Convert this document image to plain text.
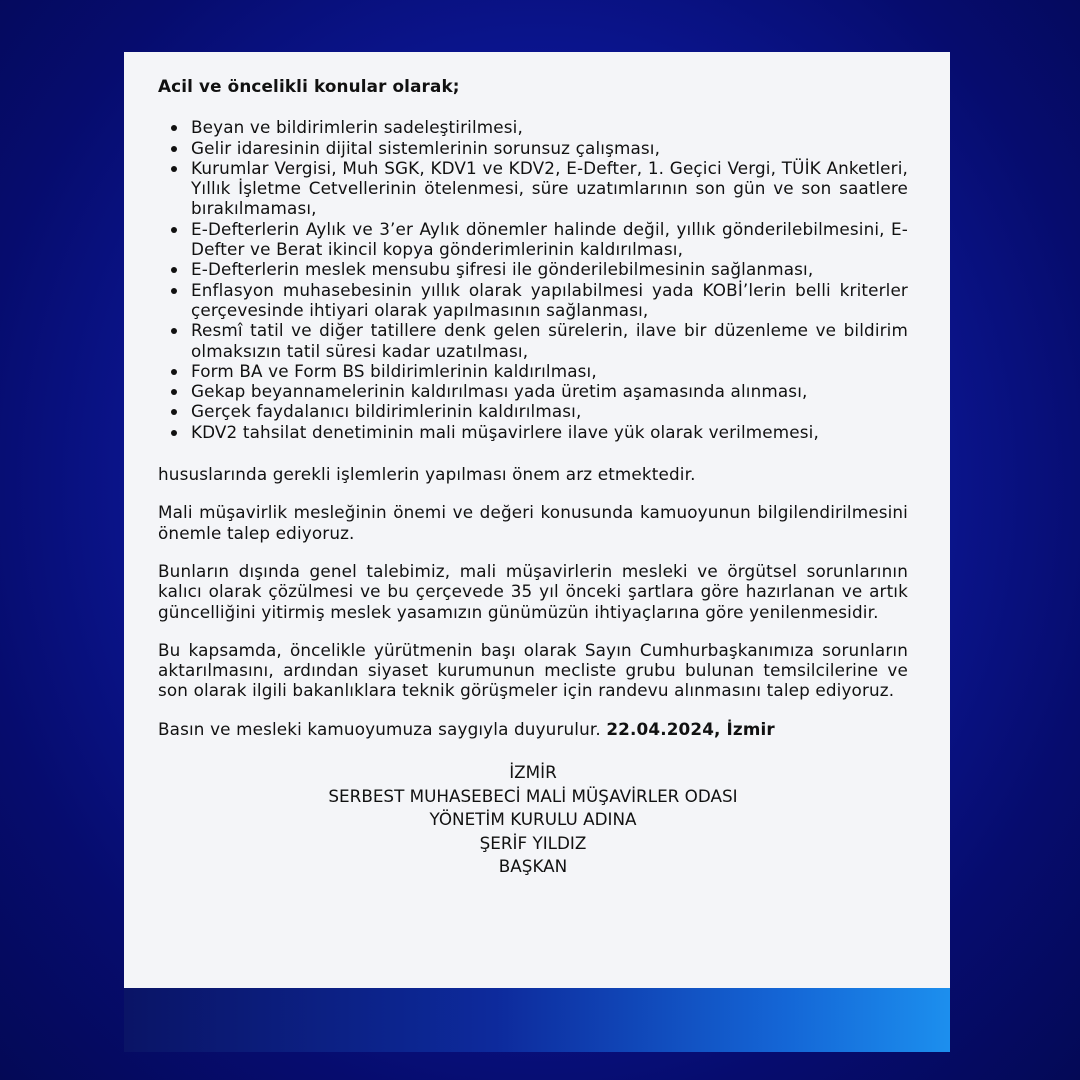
Acil ve öncelikli konular olarak;

Beyan ve bildirimlerin sadeleştirilmesi,
Gelir idaresinin dijital sistemlerinin sorunsuz çalışması,
Kurumlar Vergisi, Muh SGK, KDV1 ve KDV2, E-Defter, 1. Geçici Vergi, TÜİK Anketleri, Yıllık İşletme Cetvellerinin ötelenmesi, süre uzatımlarının son gün ve son saatlere bırakılmaması,
E-Defterlerin Aylık ve 3’er Aylık dönemler halinde değil, yıllık gönderilebilmesini, E-Defter ve Berat ikincil kopya gönderimlerinin kaldırılması,
E-Defterlerin meslek mensubu şifresi ile gönderilebilmesinin sağlanması,
Enflasyon muhasebesinin yıllık olarak yapılabilmesi yada KOBİ’lerin belli kriterler çerçevesinde ihtiyari olarak yapılmasının sağlanması,
Resmî tatil ve diğer tatillere denk gelen sürelerin, ilave bir düzenleme ve bildirim olmaksızın tatil süresi kadar uzatılması,
Form BA ve Form BS bildirimlerinin kaldırılması,
Gekap beyannamelerinin kaldırılması yada üretim aşamasında alınması,
Gerçek faydalanıcı bildirimlerinin kaldırılması,
KDV2 tahsilat denetiminin mali müşavirlere ilave yük olarak verilmemesi,

hususlarında gerekli işlemlerin yapılması önem arz etmektedir.

Mali müşavirlik mesleğinin önemi ve değeri konusunda kamuoyunun bilgilendirilmesini önemle talep ediyoruz.

Bunların dışında genel talebimiz, mali müşavirlerin mesleki ve örgütsel sorunlarının kalıcı olarak çözülmesi ve bu çerçevede 35 yıl önceki şartlara göre hazırlanan ve artık güncelliğini yitirmiş meslek yasamızın günümüzün ihtiyaçlarına göre yenilenmesidir.

Bu kapsamda, öncelikle yürütmenin başı olarak Sayın Cumhurbaşkanımıza sorunların aktarılmasını, ardından siyaset kurumunun mecliste grubu bulunan temsilcilerine ve son olarak ilgili bakanlıklara teknik görüşmeler için randevu alınmasını talep ediyoruz.

Basın ve mesleki kamuoyumuza saygıyla duyurulur. 22.04.2024, İzmir

İZMİR
SERBEST MUHASEBECİ MALİ MÜŞAVİRLER ODASI
YÖNETİM KURULU ADINA
ŞERİF YILDIZ
BAŞKAN
